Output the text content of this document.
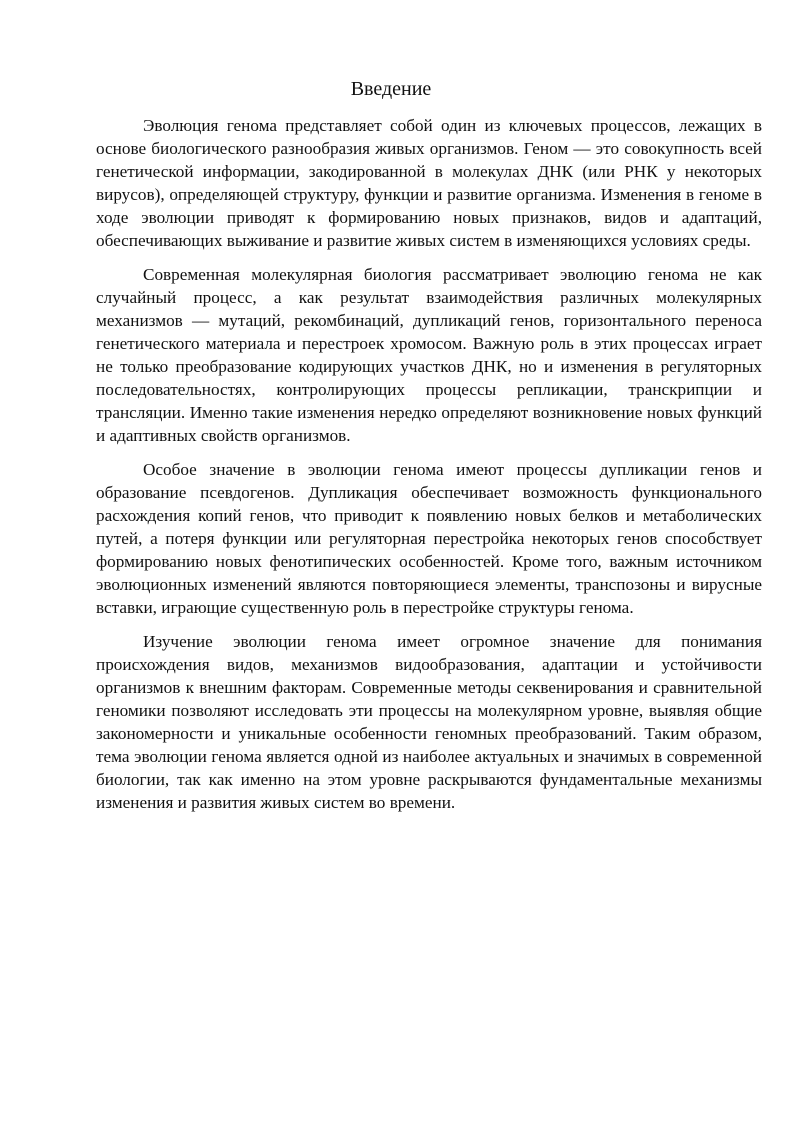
Введение

Эволюция генома представляет собой один из ключевых процессов, лежащих в основе биологического разнообразия живых организмов. Геном — это совокупность всей генетической информации, закодированной в молекулах ДНК (или РНК у некоторых вирусов), определяющей структуру, функции и развитие организма. Изменения в геноме в ходе эволюции приводят к формированию новых признаков, видов и адаптаций, обеспечивающих выживание и развитие живых систем в изменяющихся условиях среды.

Современная молекулярная биология рассматривает эволюцию генома не как случайный процесс, а как результат взаимодействия различных молекулярных механизмов — мутаций, рекомбинаций, дупликаций генов, горизонтального переноса генетического материала и перестроек хромосом. Важную роль в этих процессах играет не только преобразование кодирующих участков ДНК, но и изменения в регуляторных последовательностях, контролирующих процессы репликации, транскрипции и трансляции. Именно такие изменения нередко определяют возникновение новых функций и адаптивных свойств организмов.

Особое значение в эволюции генома имеют процессы дупликации генов и образование псевдогенов. Дупликация обеспечивает возможность функционального расхождения копий генов, что приводит к появлению новых белков и метаболических путей, а потеря функции или регуляторная перестройка некоторых генов способствует формированию новых фенотипических особенностей. Кроме того, важным источником эволюционных изменений являются повторяющиеся элементы, транспозоны и вирусные вставки, играющие существенную роль в перестройке структуры генома.

Изучение эволюции генома имеет огромное значение для понимания происхождения видов, механизмов видообразования, адаптации и устойчивости организмов к внешним факторам. Современные методы секвенирования и сравнительной геномики позволяют исследовать эти процессы на молекулярном уровне, выявляя общие закономерности и уникальные особенности геномных преобразований. Таким образом, тема эволюции генома является одной из наиболее актуальных и значимых в современной биологии, так как именно на этом уровне раскрываются фундаментальные механизмы изменения и развития живых систем во времени.
